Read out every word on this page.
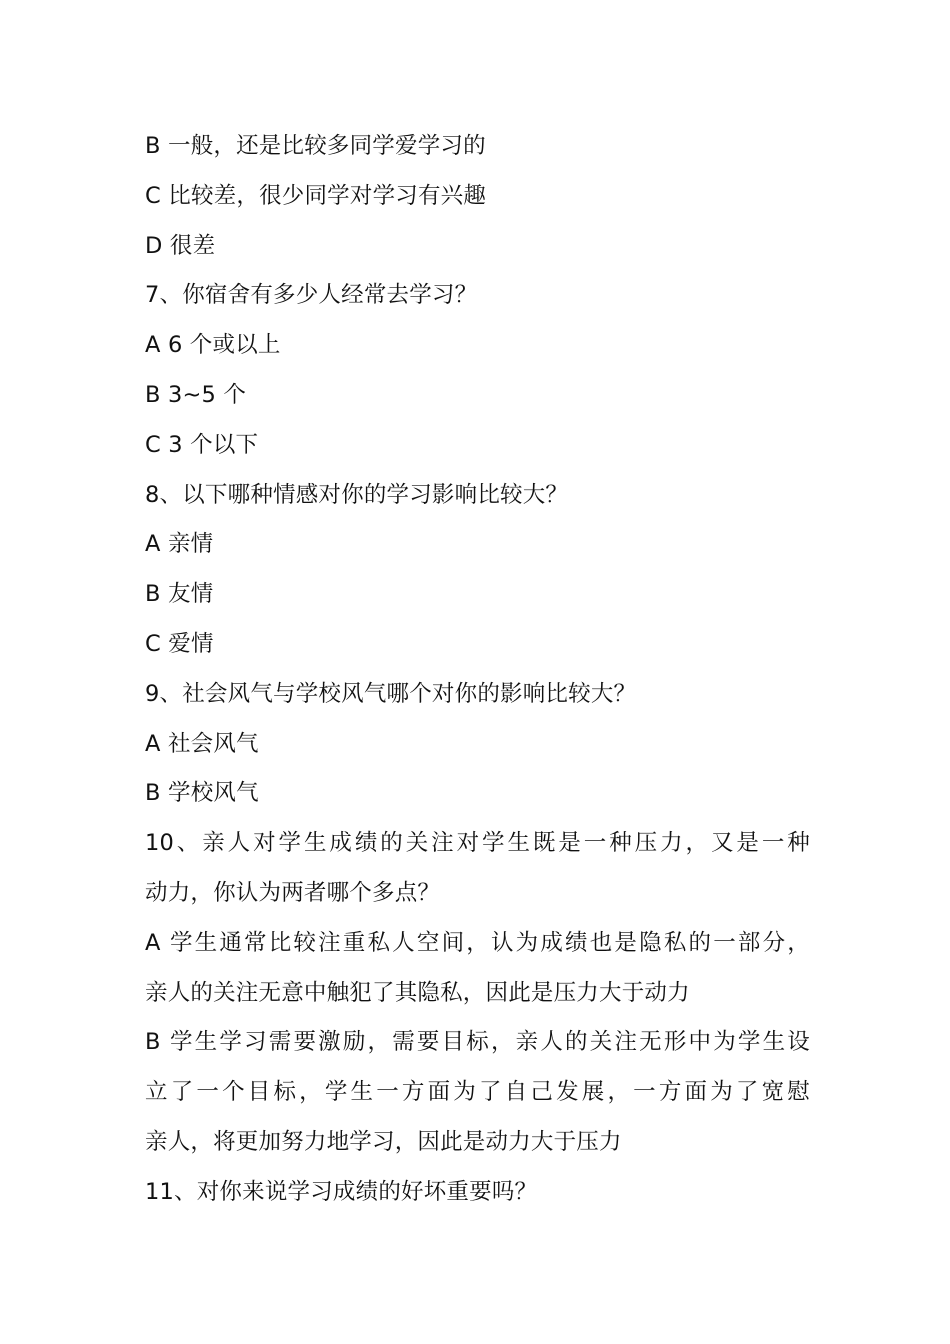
B 一般，还是比较多同学爱学习的
C 比较差，很少同学对学习有兴趣
D 很差
7、你宿舍有多少人经常去学习？
A 6 个或以上
B 3~5 个
C 3 个以下
8、以下哪种情感对你的学习影响比较大？
A 亲情
B 友情
C 爱情
9、社会风气与学校风气哪个对你的影响比较大？
A 社会风气
B 学校风气
10、亲人对学生成绩的关注对学生既是一种压力，又是一种
动力，你认为两者哪个多点？
A 学生通常比较注重私人空间，认为成绩也是隐私的一部分，
亲人的关注无意中触犯了其隐私，因此是压力大于动力
B 学生学习需要激励，需要目标，亲人的关注无形中为学生设
立了一个目标，学生一方面为了自己发展，一方面为了宽慰
亲人，将更加努力地学习，因此是动力大于压力
11、对你来说学习成绩的好坏重要吗？
